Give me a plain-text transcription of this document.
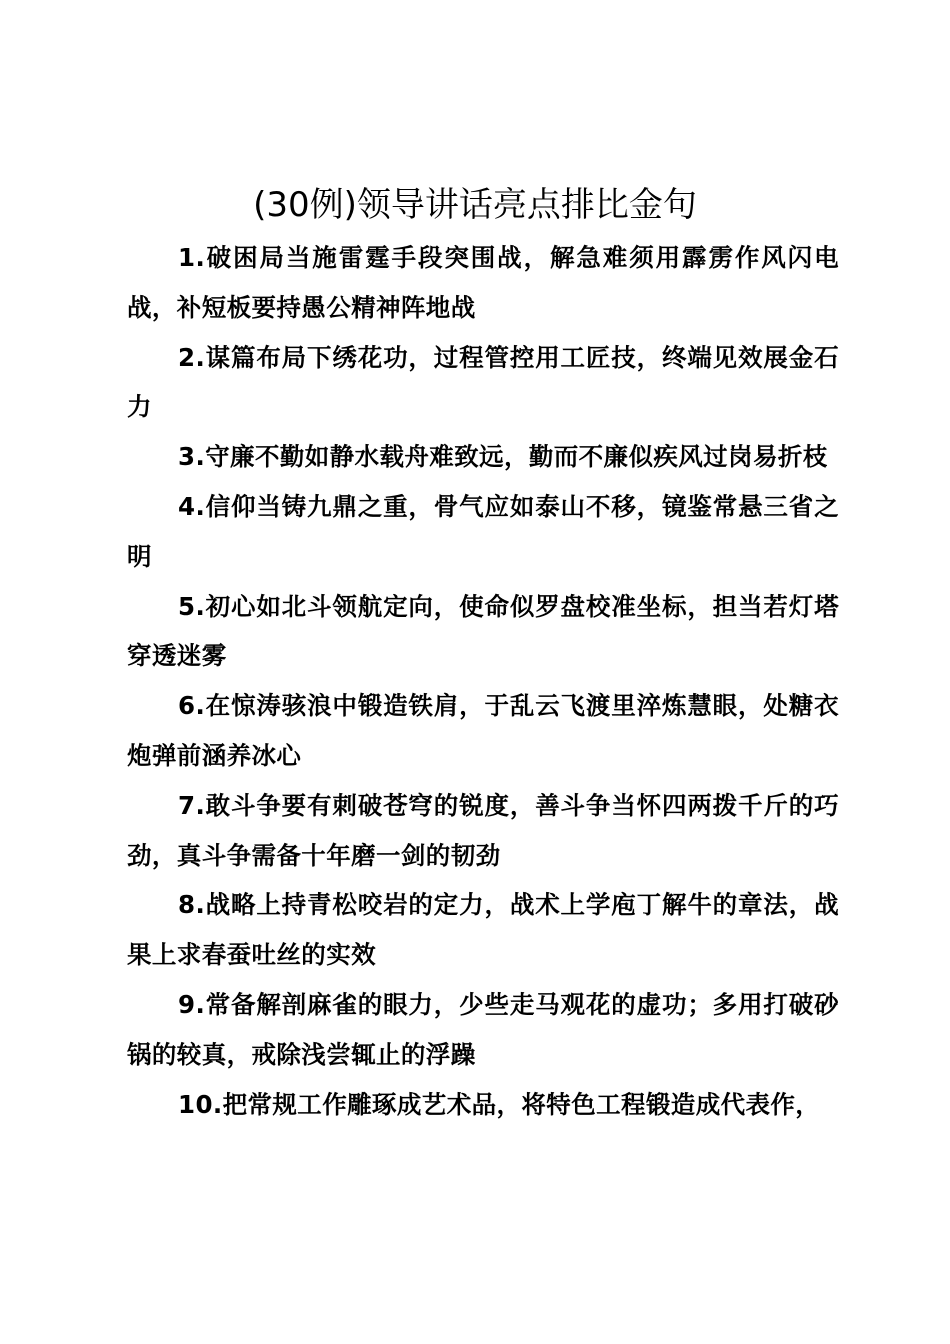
(30例)领导讲话亮点排比金句

1.破困局当施雷霆手段突围战，解急难须用霹雳作风闪电战，补短板要持愚公精神阵地战

2.谋篇布局下绣花功，过程管控用工匠技，终端见效展金石力

3.守廉不勤如静水载舟难致远，勤而不廉似疾风过岗易折枝

4.信仰当铸九鼎之重，骨气应如泰山不移，镜鉴常悬三省之明

5.初心如北斗领航定向，使命似罗盘校准坐标，担当若灯塔穿透迷雾

6.在惊涛骇浪中锻造铁肩，于乱云飞渡里淬炼慧眼，处糖衣炮弹前涵养冰心

7.敢斗争要有刺破苍穹的锐度，善斗争当怀四两拨千斤的巧劲，真斗争需备十年磨一剑的韧劲

8.战略上持青松咬岩的定力，战术上学庖丁解牛的章法，战果上求春蚕吐丝的实效

9.常备解剖麻雀的眼力，少些走马观花的虚功；多用打破砂锅的较真，戒除浅尝辄止的浮躁

10.把常规工作雕琢成艺术品，将特色工程锻造成代表作，
